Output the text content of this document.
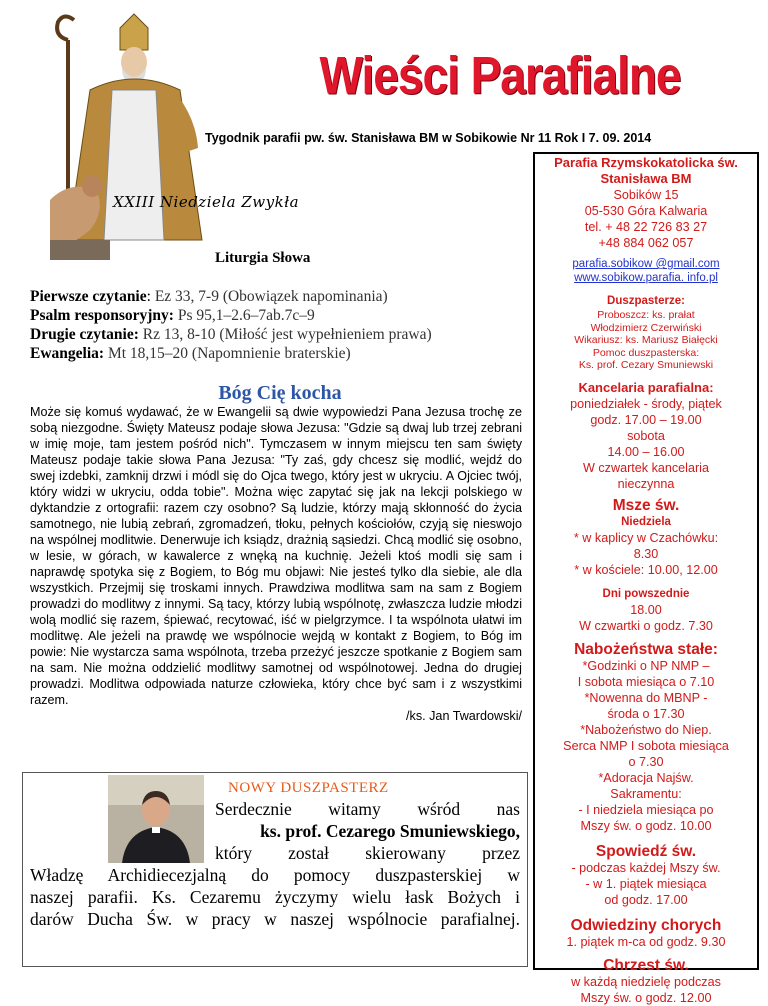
Wieści Parafialne
Tygodnik parafii pw. św. Stanisława BM w Sobikowie Nr 11 Rok I 7. 09. 2014
XXIII Niedziela Zwykła
Liturgia Słowa
Pierwsze czytanie: Ez 33, 7-9 (Obowiązek napominania)
Psalm responsoryjny: Ps 95,1–2.6–7ab.7c–9
Drugie czytanie: Rz 13, 8-10 (Miłość jest wypełnieniem prawa)
Ewangelia: Mt 18,15–20 (Napomnienie braterskie)
Bóg Cię kocha
Może się komuś wydawać, że w Ewangelii są dwie wypowiedzi Pana Jezusa trochę ze sobą niezgodne. Święty Mateusz podaje słowa Jezusa: "Gdzie są dwaj lub trzej zebrani w imię moje, tam jestem pośród nich". Tymczasem w innym miejscu ten sam święty Mateusz podaje takie słowa Pana Jezusa: "Ty zaś, gdy chcesz się modlić, wejdź do swej izdebki, zamknij drzwi i módl się do Ojca twego, który jest w ukryciu. A Ojciec twój, który widzi w ukryciu, odda tobie". Można więc zapytać się jak na lekcji polskiego w dyktandzie z ortografii: razem czy osobno? Są ludzie, którzy mają skłonność do życia samotnego, nie lubią zebrań, zgromadzeń, tłoku, pełnych kościołów, czyją się nieswojo na wspólnej modlitwie. Denerwuje ich ksiądz, drażnią sąsiedzi. Chcą modlić się osobno, w lesie, w górach, w kawalerce z wnęką na kuchnię. Jeżeli ktoś modli się sam i naprawdę spotyka się z Bogiem, to Bóg mu objawi: Nie jesteś tylko dla siebie, ale dla wszystkich. Przejmij się troskami innych. Prawdziwa modlitwa sam na sam z Bogiem prowadzi do modlitwy z innymi. Są tacy, którzy lubią wspólnotę, zwłaszcza ludzie młodzi wolą modlić się razem, śpiewać, recytować, iść w pielgrzymce. I ta wspólnota ułatwi im modlitwę. Ale jeżeli na prawdę we wspólnocie wejdą w kontakt z Bogiem, to Bóg im powie: Nie wystarcza sama wspólnota, trzeba przeżyć jeszcze spotkanie z Bogiem sam na sam. Nie można oddzielić modlitwy samotnej od wspólnotowej. Jedna do drugiej prowadzi. Modlitwa odpowiada naturze człowieka, który chce być sam i z wszystkimi razem.
/ks. Jan Twardowski/
NOWY DUSZPASTERZ
Serdecznie witamy wśród nas
ks. prof. Cezarego Smuniewskiego,
który został skierowany przez
Władzę Archidiecezjalną do pomocy duszpasterskiej w
naszej parafii. Ks. Cezaremu życzymy wielu łask Bożych i
darów Ducha Św. w pracy w naszej wspólnocie parafialnej.
Parafia Rzymskokatolicka św. Stanisława BM
Sobików 15
05-530 Góra Kalwaria
tel. + 48 22 726 83 27
+48 884 062 057
parafia.sobikow @gmail.com
www.sobikow.parafia. info.pl
Duszpasterze:
Proboszcz: ks. prałat
Włodzimierz Czerwiński
Wikariusz: ks. Mariusz Białęcki
Pomoc duszpasterska:
Ks. prof. Cezary Smuniewski
Kancelaria parafialna:
poniedziałek - środy, piątek
godz. 17.00 – 19.00
sobota
14.00 – 16.00
W czwartek kancelaria
nieczynna
Msze św.
Niedziela
* w kaplicy w Czachówku:
8.30
* w kościele: 10.00, 12.00
Dni powszednie
18.00
W czwartki o godz. 7.30
Nabożeństwa stałe:
*Godzinki o NP NMP –
I sobota miesiąca o 7.10
*Nowenna do MBNP -
środa o 17.30
*Nabożeństwo do Niep.
Serca NMP I sobota miesiąca
o 7.30
*Adoracja Najśw.
Sakramentu:
- I niedziela miesiąca po
Mszy św. o godz. 10.00
Spowiedź św.
- podczas każdej Mszy św.
- w 1. piątek miesiąca
od godz. 17.00
Odwiedziny chorych
1. piątek m-ca od godz. 9.30
Chrzest św.
w każdą niedzielę podczas
Mszy św. o godz. 12.00
